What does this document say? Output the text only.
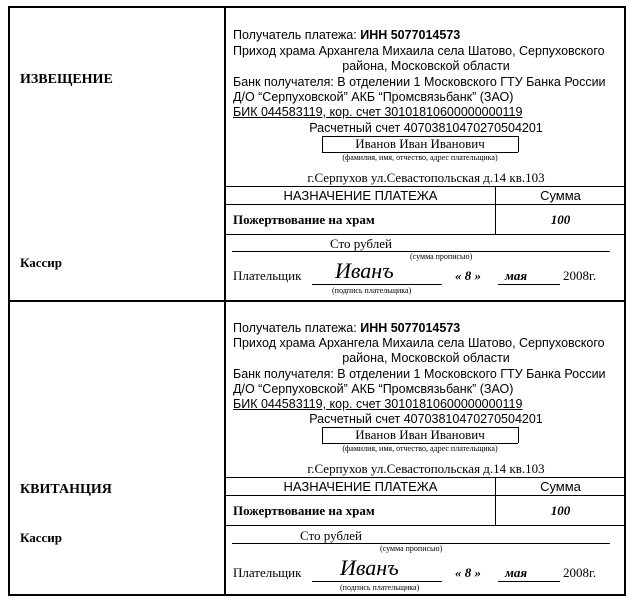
ИЗВЕЩЕНИЕ
Кассир
Получатель платежа: ИНН 5077014573
Приход храма Архангела Михаила села Шатово, Серпуховского
района, Московской области
Банк получателя: В отделении 1 Московского ГТУ Банка России
Д/О “Серпуховской” АКБ “Промсвязьбанк” (ЗАО)
БИК 044583119, кор. счет 30101810600000000119
Расчетный счет 40703810470270504201
Иванов Иван Иванович
(фамилия, имя, отчество, адрес плательщика)
г.Серпухов ул.Севастопольская д.14 кв.103
НАЗНАЧЕНИЕ ПЛАТЕЖА	Сумма
Пожертвование на храм	100
Сто рублей
(сумма прописью)
Плательщик Иванъ	« 8 » мая	2008г.
(подпись плательщика)
КВИТАНЦИЯ
Кассир
Получатель платежа: ИНН 5077014573
Приход храма Архангела Михаила села Шатово, Серпуховского
района, Московской области
Банк получателя: В отделении 1 Московского ГТУ Банка России
Д/О “Серпуховской” АКБ “Промсвязьбанк” (ЗАО)
БИК 044583119, кор. счет 30101810600000000119
Расчетный счет 40703810470270504201
Иванов Иван Иванович
(фамилия, имя, отчество, адрес плательщика)
г.Серпухов ул.Севастопольская д.14 кв.103
НАЗНАЧЕНИЕ ПЛАТЕЖА	Сумма
Пожертвование на храм	100
Сто рублей
(сумма прописью)
Плательщик Иванъ	« 8 » мая	2008г.
(подпись плательщика)
